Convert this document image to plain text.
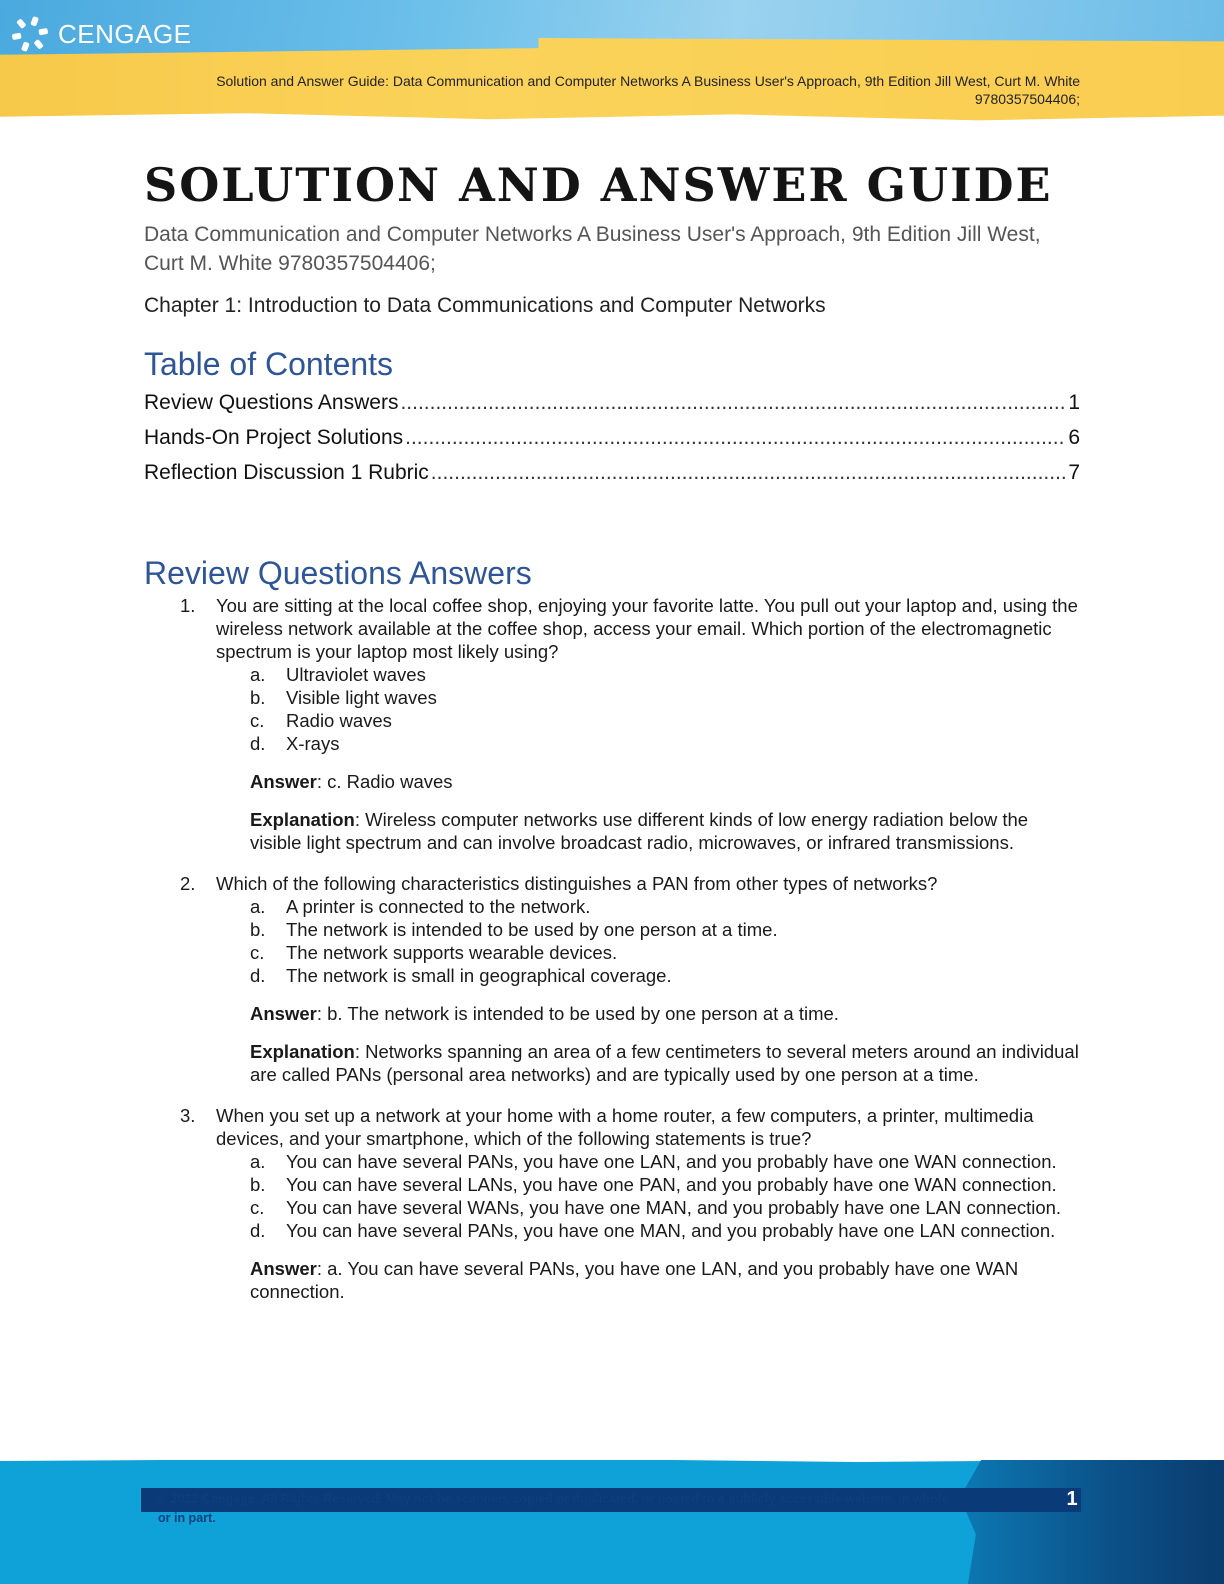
CENGAGE
Solution and Answer Guide: Data Communication and Computer Networks A Business User's Approach, 9th Edition Jill West, Curt M. White 9780357504406;
SOLUTION AND ANSWER GUIDE

Data Communication and Computer Networks A Business User's Approach, 9th Edition Jill West, Curt M. White 9780357504406;

Chapter 1: Introduction to Data Communications and Computer Networks

Table of Contents
Review Questions Answers .....	1
Hands-On Project Solutions .....	6
Reflection Discussion 1 Rubric .....	7
Review Questions Answers
1. You are sitting at the local coffee shop, enjoying your favorite latte. You pull out your laptop and, using the wireless network available at the coffee shop, access your email. Which portion of the electromagnetic spectrum is your laptop most likely using?
a. Ultraviolet waves
b. Visible light waves
c. Radio waves
d. X-rays
Answer: c. Radio waves
Explanation: Wireless computer networks use different kinds of low energy radiation below the visible light spectrum and can involve broadcast radio, microwaves, or infrared transmissions.
2. Which of the following characteristics distinguishes a PAN from other types of networks?
a. A printer is connected to the network.
b. The network is intended to be used by one person at a time.
c. The network supports wearable devices.
d. The network is small in geographical coverage.
Answer: b. The network is intended to be used by one person at a time.
Explanation: Networks spanning an area of a few centimeters to several meters around an individual are called PANs (personal area networks) and are typically used by one person at a time.
3. When you set up a network at your home with a home router, a few computers, a printer, multimedia devices, and your smartphone, which of the following statements is true?
a. You can have several PANs, you have one LAN, and you probably have one WAN connection.
b. You can have several LANs, you have one PAN, and you probably have one WAN connection.
c. You can have several WANs, you have one MAN, and you probably have one LAN connection.
d. You can have several PANs, you have one MAN, and you probably have one LAN connection.
Answer: a. You can have several PANs, you have one LAN, and you probably have one WAN connection.
© 2022 Cengage. All Rights Reserved. May not be scanned, copied or duplicated, or posted to a publicly accessible website, in whole or in part.
1
